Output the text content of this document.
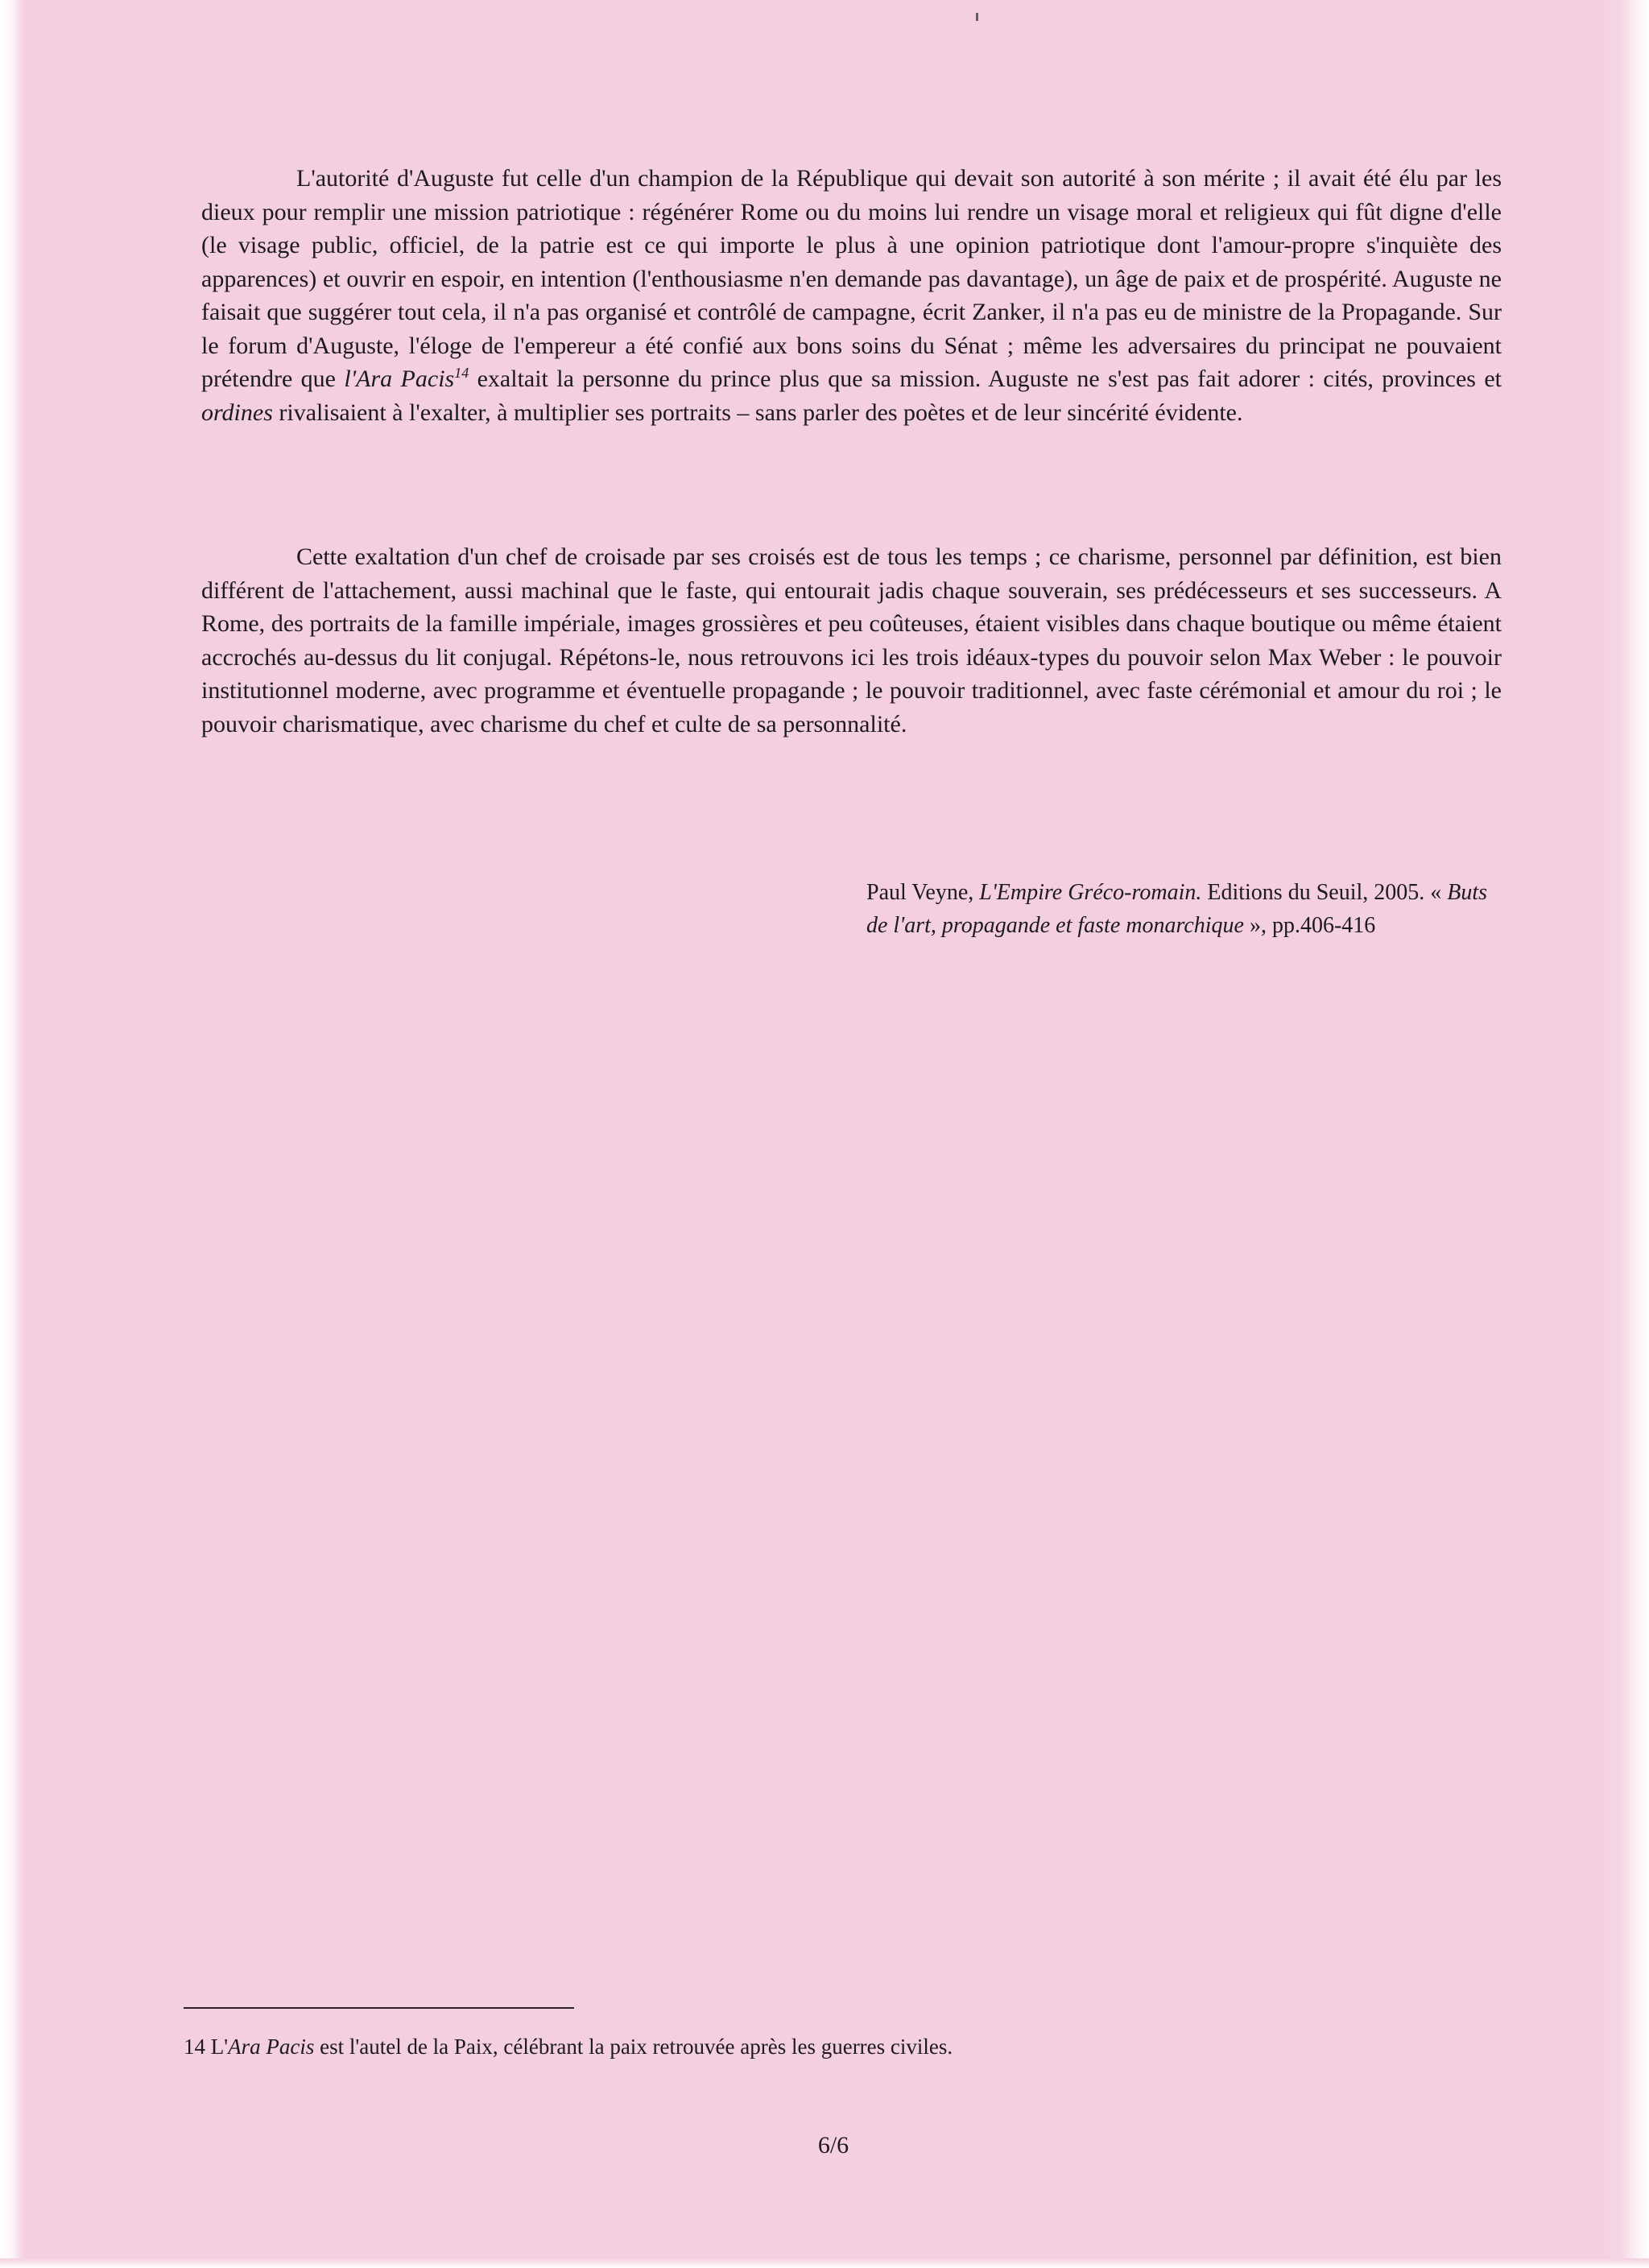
L'autorité d'Auguste fut celle d'un champion de la République qui devait son autorité à son mérite ; il avait été élu par les dieux pour remplir une mission patriotique : régénérer Rome ou du moins lui rendre un visage moral et religieux qui fût digne d'elle (le visage public, officiel, de la patrie est ce qui importe le plus à une opinion patriotique dont l'amour-propre s'inquiète des apparences) et ouvrir en espoir, en intention (l'enthousiasme n'en demande pas davantage), un âge de paix et de prospérité. Auguste ne faisait que suggérer tout cela, il n'a pas organisé et contrôlé de campagne, écrit Zanker, il n'a pas eu de ministre de la Propagande. Sur le forum d'Auguste, l'éloge de l'empereur a été confié aux bons soins du Sénat ; même les adversaires du principat ne pouvaient prétendre que l'Ara Pacis$^{14}$ exaltait la personne du prince plus que sa mission. Auguste ne s'est pas fait adorer : cités, provinces et ordines rivalisaient à l'exalter, à multiplier ses portraits – sans parler des poètes et de leur sincérité évidente.

Cette exaltation d'un chef de croisade par ses croisés est de tous les temps ; ce charisme, personnel par définition, est bien différent de l'attachement, aussi machinal que le faste, qui entourait jadis chaque souverain, ses prédécesseurs et ses successeurs. A Rome, des portraits de la famille impériale, images grossières et peu coûteuses, étaient visibles dans chaque boutique ou même étaient accrochés au-dessus du lit conjugal. Répétons-le, nous retrouvons ici les trois idéaux-types du pouvoir selon Max Weber : le pouvoir institutionnel moderne, avec programme et éventuelle propagande ; le pouvoir traditionnel, avec faste cérémonial et amour du roi ; le pouvoir charismatique, avec charisme du chef et culte de sa personnalité.

Paul Veyne, L'Empire Gréco-romain. Editions du Seuil, 2005. « Buts de l'art, propagande et faste monarchique », pp.406-416

14 L'Ara Pacis est l'autel de la Paix, célébrant la paix retrouvée après les guerres civiles.

6/6
